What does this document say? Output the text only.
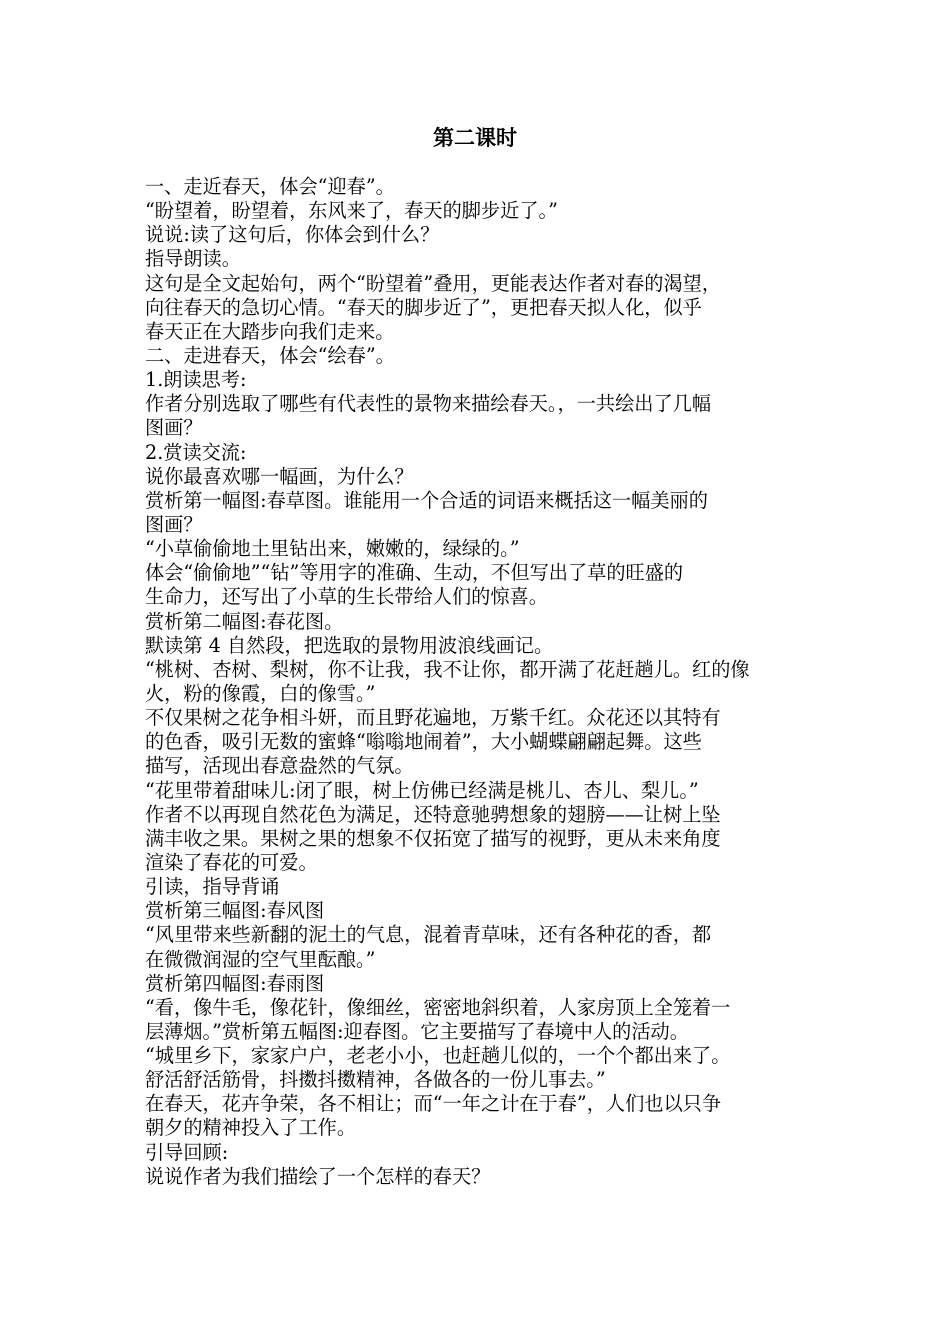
第二课时
一、走近春天，体会“迎春”。
“盼望着，盼望着，东风来了，春天的脚步近了。”
说说:读了这句后，你体会到什么？
指导朗读。
这句是全文起始句，两个“盼望着”叠用，更能表达作者对春的渴望，
向往春天的急切心情。“春天的脚步近了”，更把春天拟人化，似乎
春天正在大踏步向我们走来。
二、走进春天，体会“绘春”。
1.朗读思考:
作者分别选取了哪些有代表性的景物来描绘春天。，一共绘出了几幅
图画？
2.赏读交流:
说你最喜欢哪一幅画，为什么？
赏析第一幅图:春草图。谁能用一个合适的词语来概括这一幅美丽的
图画？
“小草偷偷地土里钻出来，嫩嫩的，绿绿的。”
体会“偷偷地”“钻”等用字的准确、生动，不但写出了草的旺盛的
生命力，还写出了小草的生长带给人们的惊喜。
赏析第二幅图:春花图。
默读第 4 自然段，把选取的景物用波浪线画记。
“桃树、杏树、梨树，你不让我，我不让你，都开满了花赶趟儿。红的像
火，粉的像霞，白的像雪。”
不仅果树之花争相斗妍，而且野花遍地，万紫千红。众花还以其特有
的色香，吸引无数的蜜蜂“嗡嗡地闹着”，大小蝴蝶翩翩起舞。这些
描写，活现出春意盎然的气氛。
“花里带着甜味儿:闭了眼，树上仿佛已经满是桃儿、杏儿、梨儿。”
作者不以再现自然花色为满足，还特意驰骋想象的翅膀——让树上坠
满丰收之果。果树之果的想象不仅拓宽了描写的视野，更从未来角度
渲染了春花的可爱。
引读，指导背诵
赏析第三幅图:春风图
“风里带来些新翻的泥土的气息，混着青草味，还有各种花的香，都
在微微润湿的空气里酝酿。”
赏析第四幅图:春雨图
“看，像牛毛，像花针，像细丝，密密地斜织着，人家房顶上全笼着一
层薄烟。”赏析第五幅图:迎春图。它主要描写了春境中人的活动。
“城里乡下，家家户户，老老小小，也赶趟儿似的，一个个都出来了。
舒活舒活筋骨，抖擞抖擞精神，各做各的一份儿事去。”
在春天，花卉争荣，各不相让；而“一年之计在于春”，人们也以只争
朝夕的精神投入了工作。
引导回顾:
说说作者为我们描绘了一个怎样的春天？
